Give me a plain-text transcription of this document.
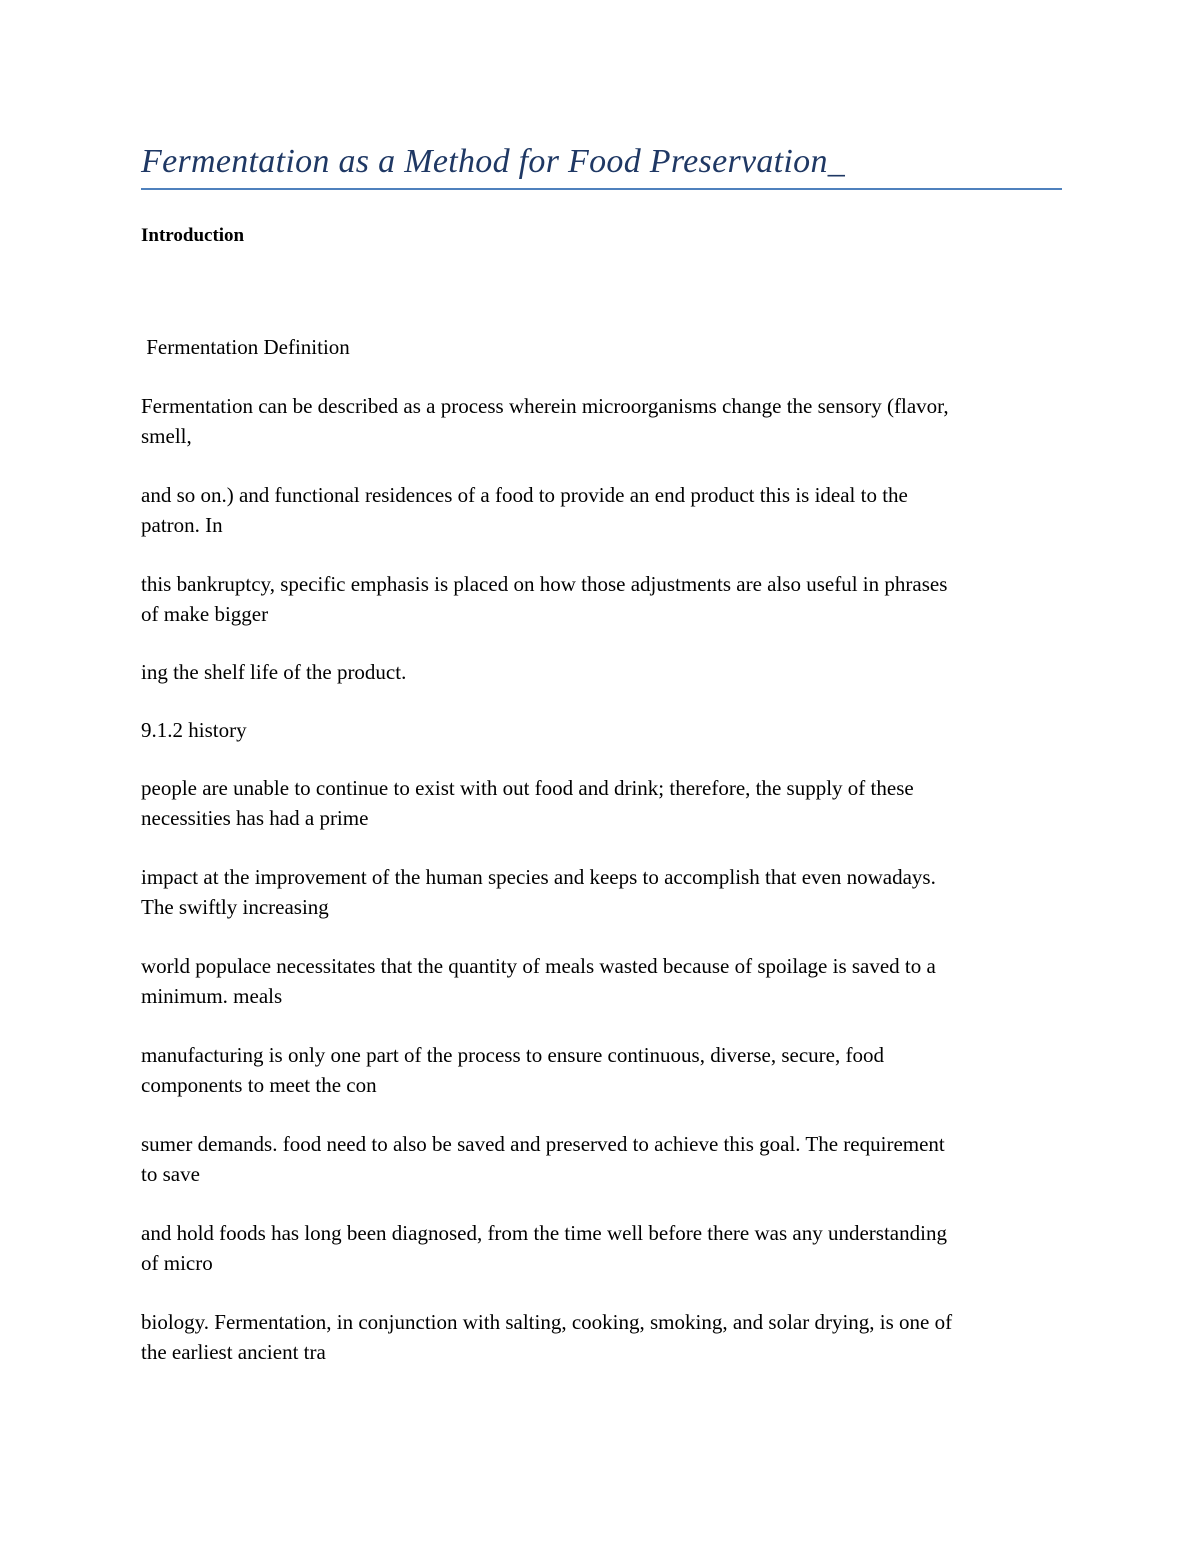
Fermentation as a Method for Food Preservation_
Introduction

Fermentation Definition

Fermentation can be described as a process wherein microorganisms change the sensory (flavor,
smell,

and so on.) and functional residences of a food to provide an end product this is ideal to the
patron. In

this bankruptcy, specific emphasis is placed on how those adjustments are also useful in phrases
of make bigger

ing the shelf life of the product.

9.1.2 history

people are unable to continue to exist with out food and drink; therefore, the supply of these
necessities has had a prime

impact at the improvement of the human species and keeps to accomplish that even nowadays.
The swiftly increasing

world populace necessitates that the quantity of meals wasted because of spoilage is saved to a
minimum. meals

manufacturing is only one part of the process to ensure continuous, diverse, secure, food
components to meet the con

sumer demands. food need to also be saved and preserved to achieve this goal. The requirement
to save

and hold foods has long been diagnosed, from the time well before there was any understanding
of micro

biology. Fermentation, in conjunction with salting, cooking, smoking, and solar drying, is one of
the earliest ancient tra
